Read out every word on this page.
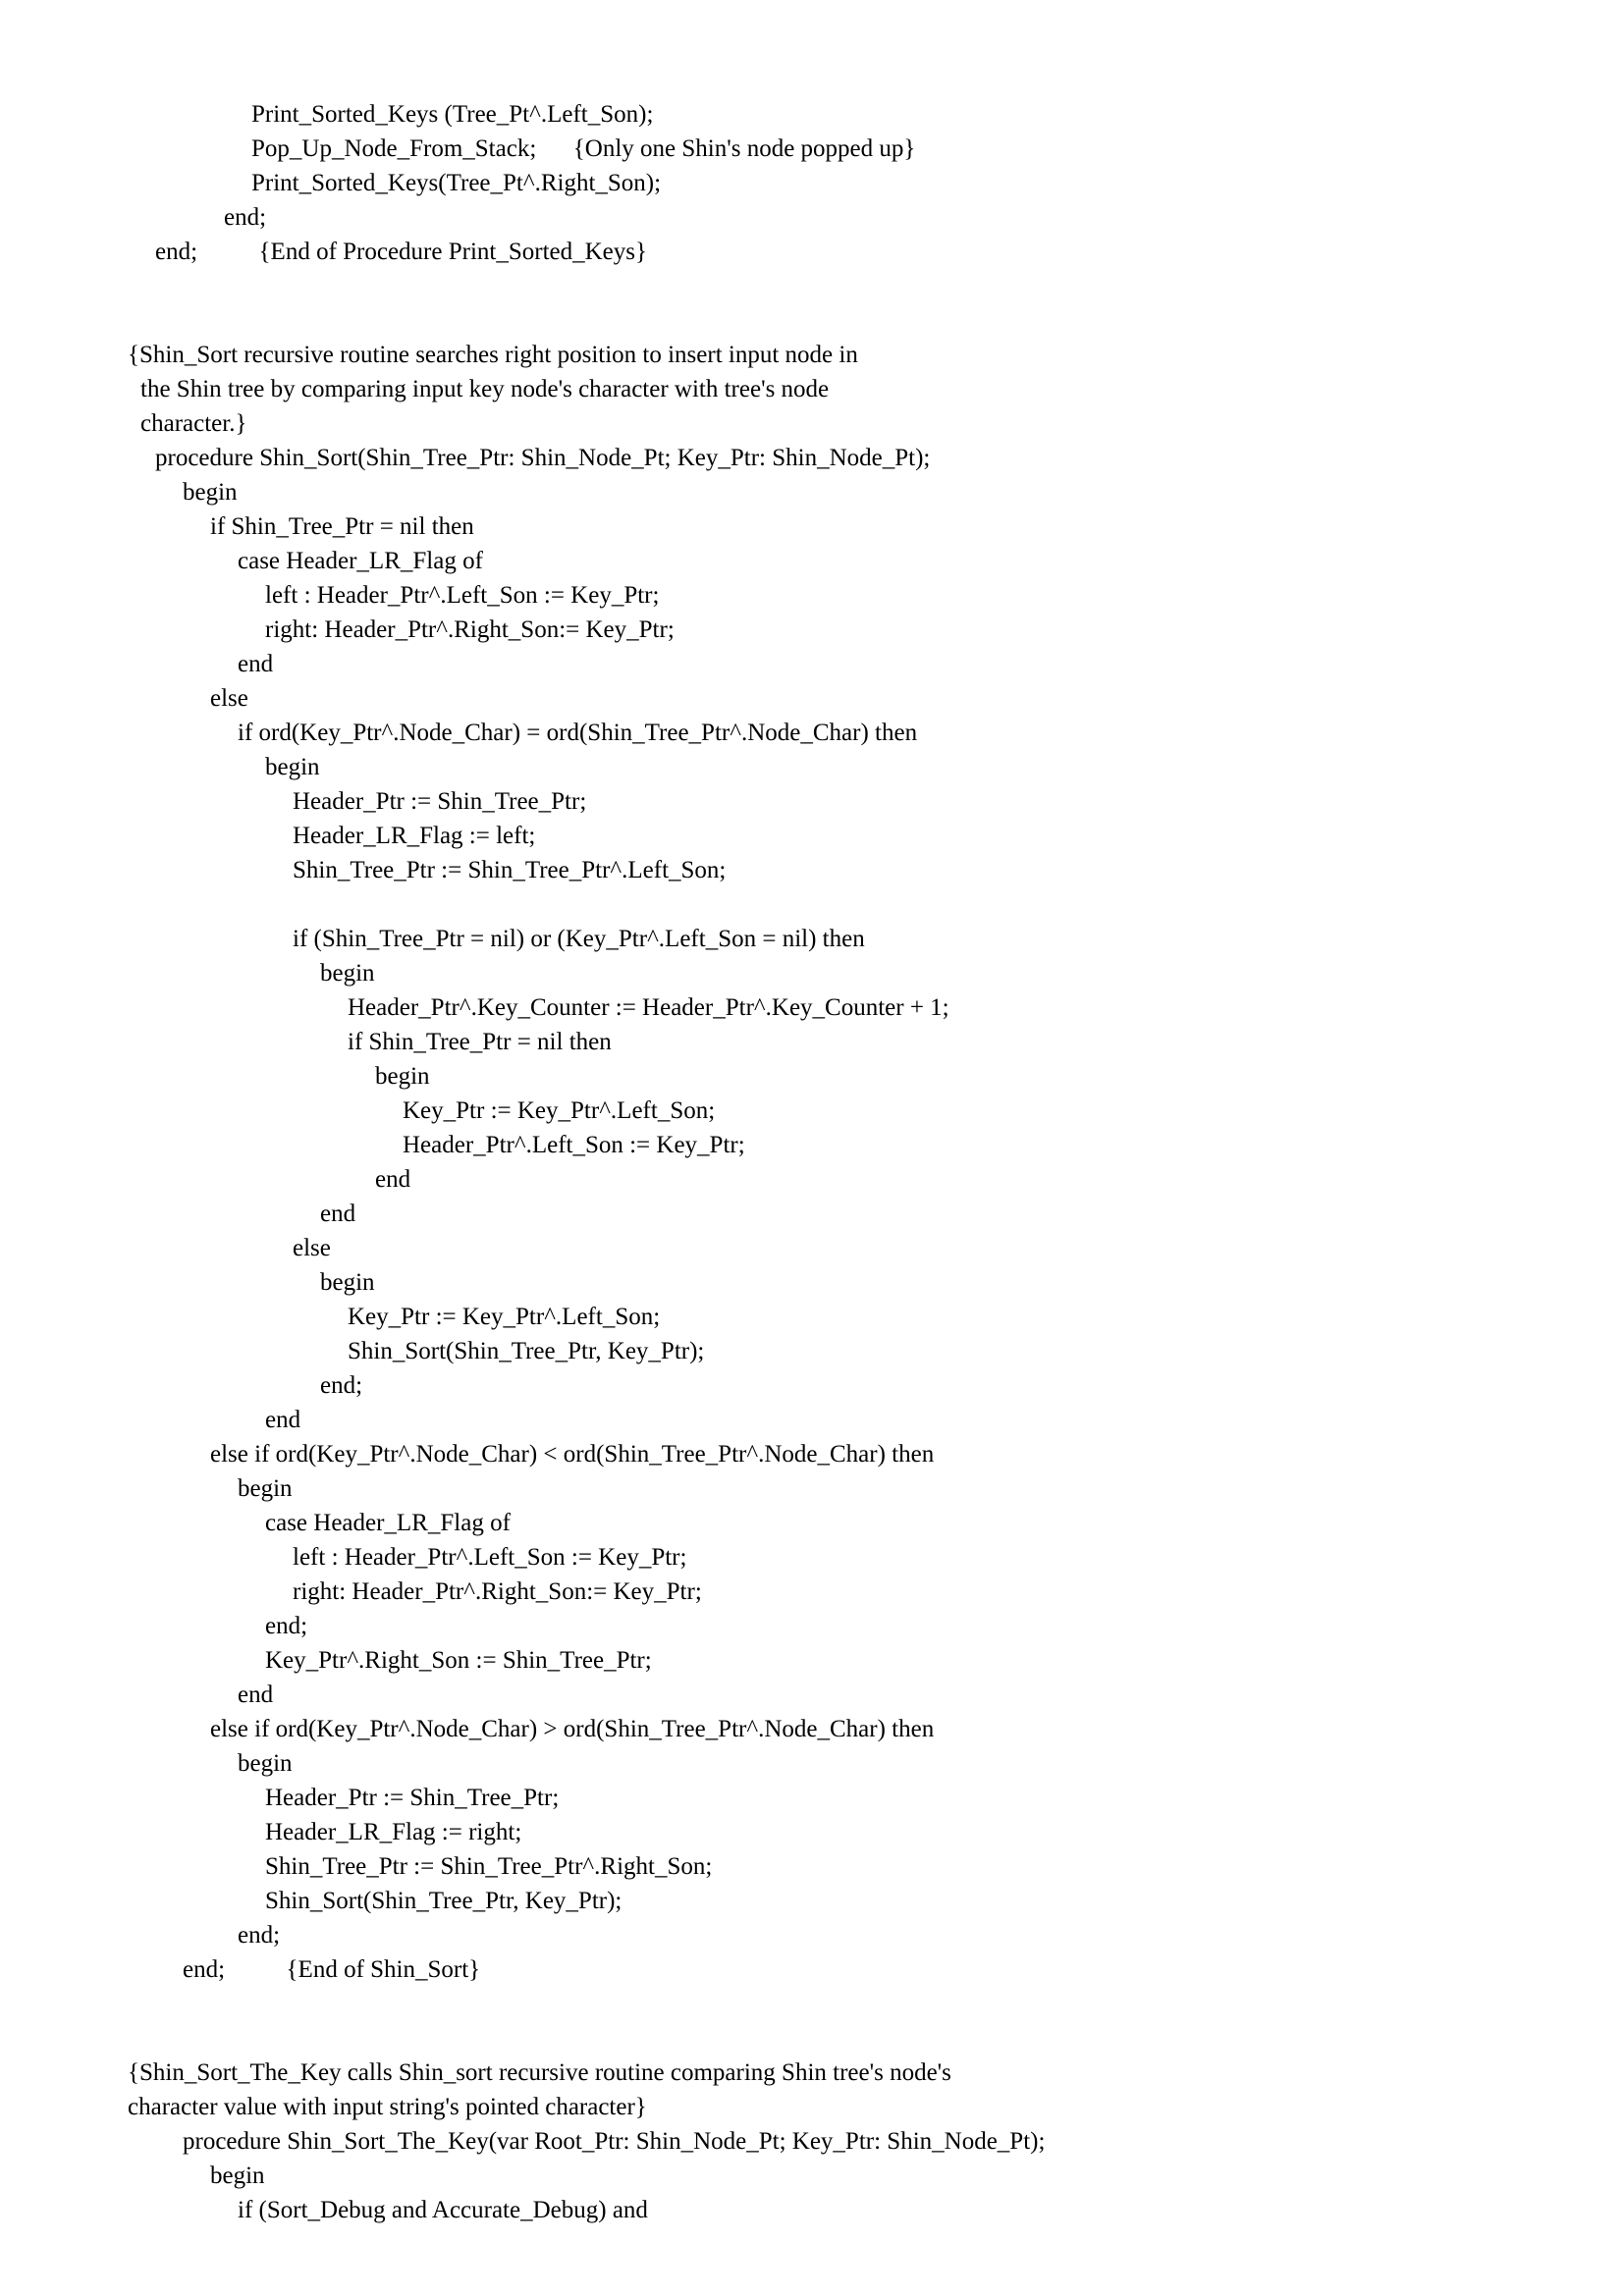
Print_Sorted_Keys (Tree_Pt^.Left_Son);
Pop_Up_Node_From_Stack;      {Only one Shin's node popped up}
Print_Sorted_Keys(Tree_Pt^.Right_Son);
end;
end;          {End of Procedure Print_Sorted_Keys}
{Shin_Sort recursive routine searches right position to insert input node in
the Shin tree by comparing input key node's character with tree's node
character.}
procedure Shin_Sort(Shin_Tree_Ptr: Shin_Node_Pt; Key_Ptr: Shin_Node_Pt);
begin
if Shin_Tree_Ptr = nil then
case Header_LR_Flag of
left : Header_Ptr^.Left_Son := Key_Ptr;
right: Header_Ptr^.Right_Son:= Key_Ptr;
end
else
if ord(Key_Ptr^.Node_Char) = ord(Shin_Tree_Ptr^.Node_Char) then
begin
Header_Ptr := Shin_Tree_Ptr;
Header_LR_Flag := left;
Shin_Tree_Ptr := Shin_Tree_Ptr^.Left_Son;
if (Shin_Tree_Ptr = nil) or (Key_Ptr^.Left_Son = nil) then
begin
Header_Ptr^.Key_Counter := Header_Ptr^.Key_Counter + 1;
if Shin_Tree_Ptr = nil then
begin
Key_Ptr := Key_Ptr^.Left_Son;
Header_Ptr^.Left_Son := Key_Ptr;
end
end
else
begin
Key_Ptr := Key_Ptr^.Left_Son;
Shin_Sort(Shin_Tree_Ptr, Key_Ptr);
end;
end
else if ord(Key_Ptr^.Node_Char) < ord(Shin_Tree_Ptr^.Node_Char) then
begin
case Header_LR_Flag of
left : Header_Ptr^.Left_Son := Key_Ptr;
right: Header_Ptr^.Right_Son:= Key_Ptr;
end;
Key_Ptr^.Right_Son := Shin_Tree_Ptr;
end
else if ord(Key_Ptr^.Node_Char) > ord(Shin_Tree_Ptr^.Node_Char) then
begin
Header_Ptr := Shin_Tree_Ptr;
Header_LR_Flag := right;
Shin_Tree_Ptr := Shin_Tree_Ptr^.Right_Son;
Shin_Sort(Shin_Tree_Ptr, Key_Ptr);
end;
end;          {End of Shin_Sort}
{Shin_Sort_The_Key calls Shin_sort recursive routine comparing Shin tree's node's
character value with input string's pointed character}
procedure Shin_Sort_The_Key(var Root_Ptr: Shin_Node_Pt; Key_Ptr: Shin_Node_Pt);
begin
if (Sort_Debug and Accurate_Debug) and
